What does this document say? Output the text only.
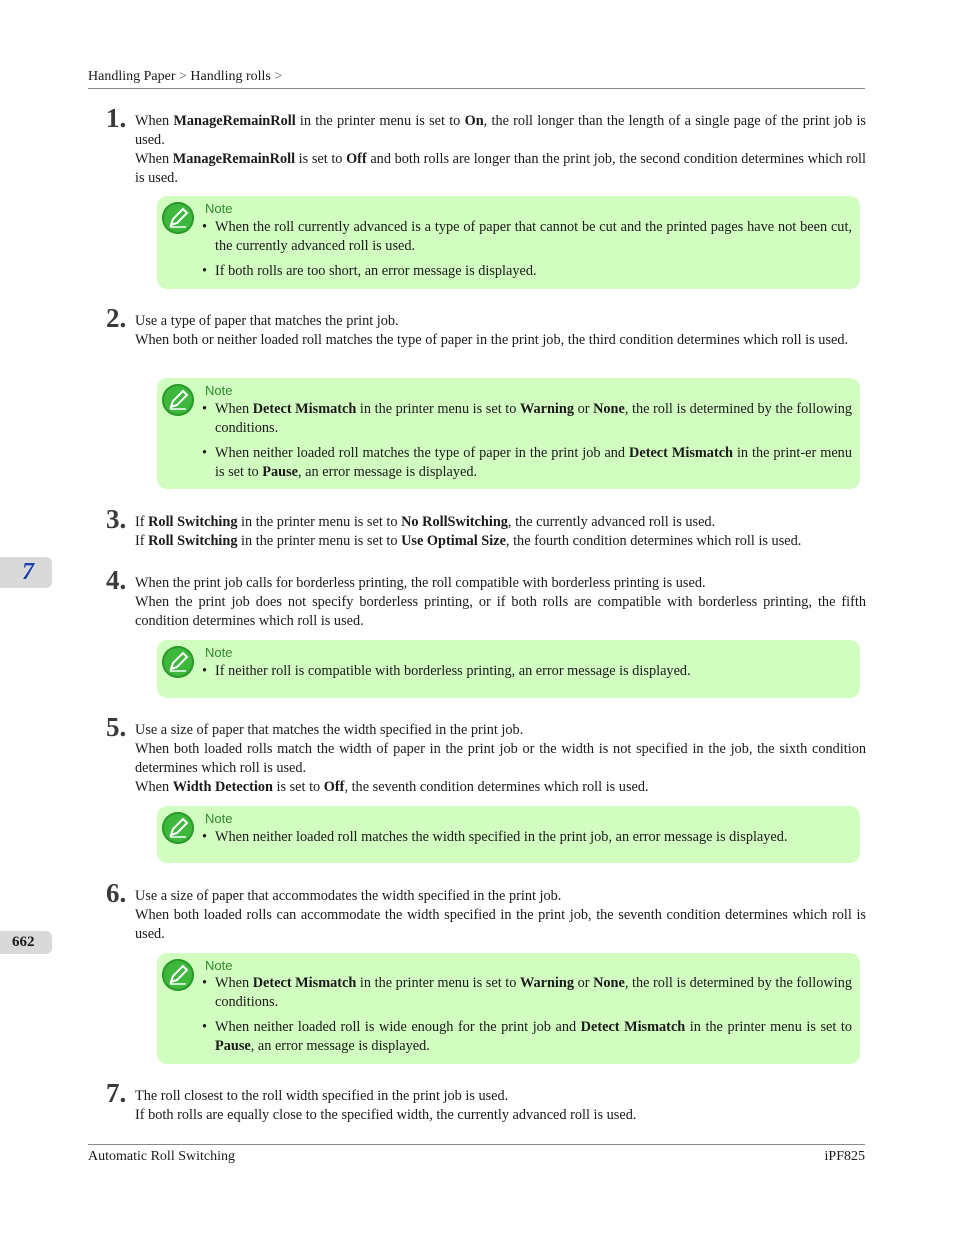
Handling Paper > Handling rolls >
7
662
1. When ManageRemainRoll in the printer menu is set to On, the roll longer than the length of a single page of the print job is used.

When ManageRemainRoll is set to Off and both rolls are longer than the print job, the second condition determines which roll is used.

Note
• When the roll currently advanced is a type of paper that cannot be cut and the printed pages have not been cut, the currently advanced roll is used.
• If both rolls are too short, an error message is displayed.
2. Use a type of paper that matches the print job.

When both or neither loaded roll matches the type of paper in the print job, the third condition determines which roll is used.

Note
• When Detect Mismatch in the printer menu is set to Warning or None, the roll is determined by the following conditions.
• When neither loaded roll matches the type of paper in the print job and Detect Mismatch in the print-er menu is set to Pause, an error message is displayed.
3. If Roll Switching in the printer menu is set to No RollSwitching, the currently advanced roll is used.

If Roll Switching in the printer menu is set to Use Optimal Size, the fourth condition determines which roll is used.

4. When the print job calls for borderless printing, the roll compatible with borderless printing is used.

When the print job does not specify borderless printing, or if both rolls are compatible with borderless printing, the fifth condition determines which roll is used.

Note
• If neither roll is compatible with borderless printing, an error message is displayed.
5. Use a size of paper that matches the width specified in the print job.

When both loaded rolls match the width of paper in the print job or the width is not specified in the job, the sixth condition determines which roll is used.

When Width Detection is set to Off, the seventh condition determines which roll is used.

Note
• When neither loaded roll matches the width specified in the print job, an error message is displayed.
6. Use a size of paper that accommodates the width specified in the print job.

When both loaded rolls can accommodate the width specified in the print job, the seventh condition determines which roll is used.

Note
• When Detect Mismatch in the printer menu is set to Warning or None, the roll is determined by the following conditions.
• When neither loaded roll is wide enough for the print job and Detect Mismatch in the printer menu is set to Pause, an error message is displayed.
7. The roll closest to the roll width specified in the print job is used.

If both rolls are equally close to the specified width, the currently advanced roll is used.

Automatic Roll Switching	iPF825
